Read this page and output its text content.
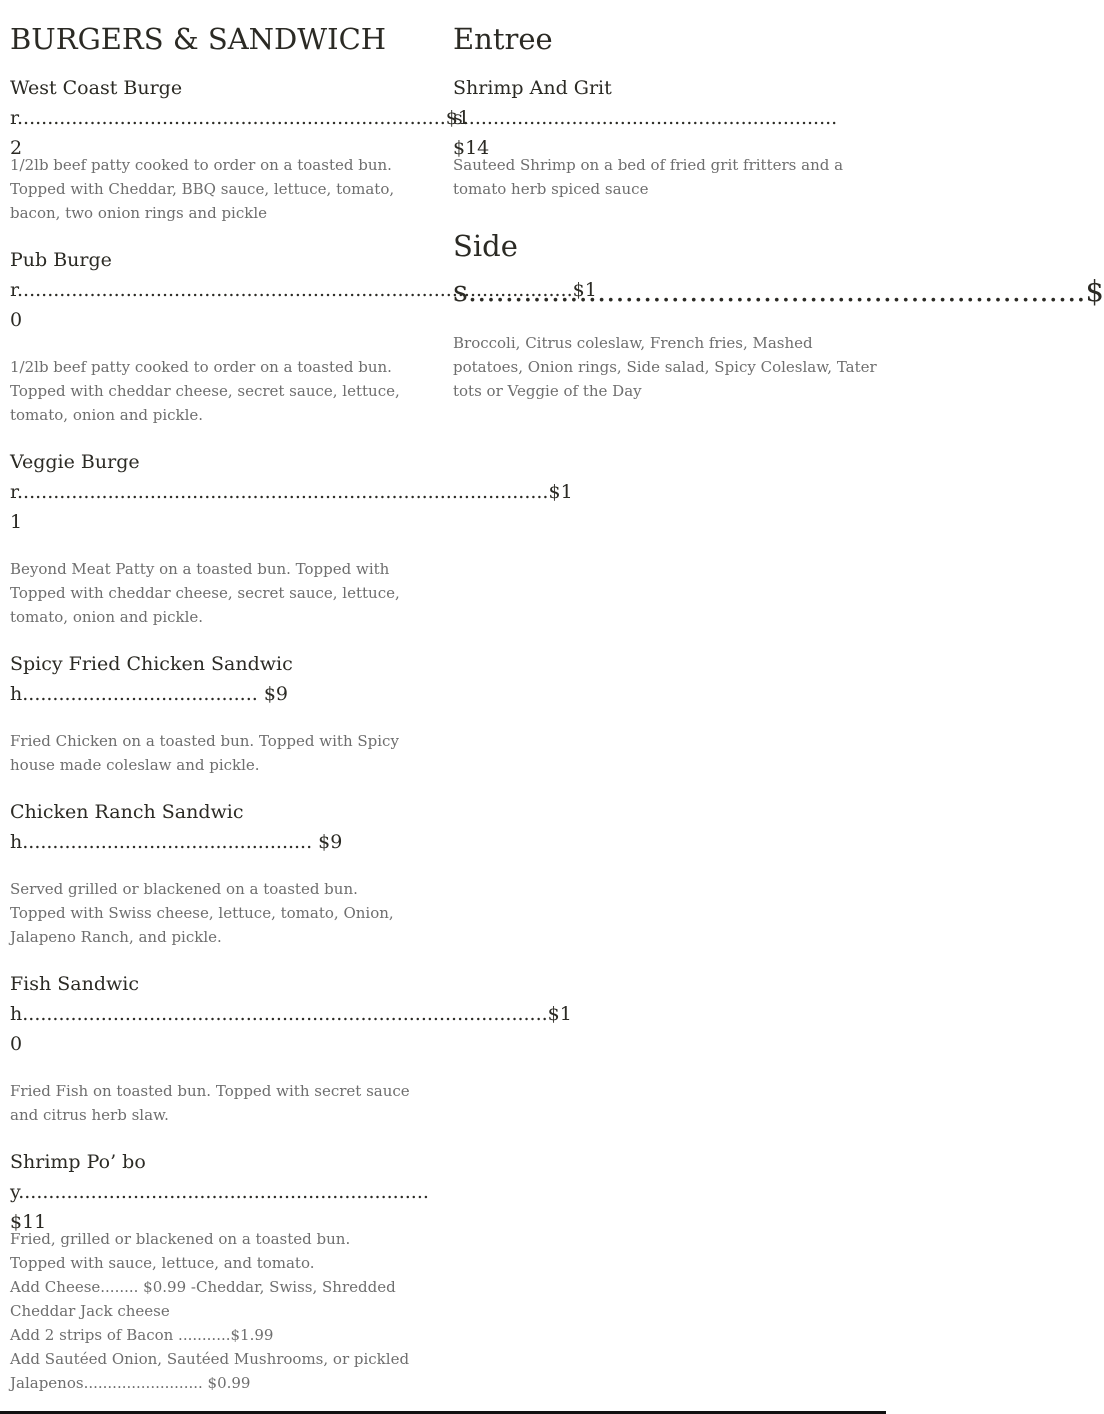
BURGERS & SANDWICH
West Coast Burger.......................................................................$12

1/2lb beef patty cooked to order on a toasted bun. Topped with Cheddar, BBQ sauce, lettuce, tomato, bacon, two onion rings and pickle

Pub Burger............................................................................................$10

1/2lb beef patty cooked to order on a toasted bun. Topped with cheddar cheese, secret sauce, lettuce, tomato, onion and pickle.

Veggie Burger........................................................................................$11

Beyond Meat Patty on a toasted bun. Topped with Topped with cheddar cheese, secret sauce, lettuce, tomato, onion and pickle.

Spicy Fried Chicken Sandwich....................................... $9

Fried Chicken on a toasted bun. Topped with Spicy house made coleslaw and pickle.

Chicken Ranch Sandwich................................................ $9

Served grilled or blackened on a toasted bun. Topped with Swiss cheese, lettuce, tomato, Onion, Jalapeno Ranch, and pickle.

Fish Sandwich.......................................................................................$10

Fried Fish on toasted bun. Topped with secret sauce and citrus herb slaw.

Shrimp Po’ boy.................................................................... $11

Fried, grilled or blackened on a toasted bun. Topped with sauce, lettuce, and tomato.

Add Cheese........ $0.99 -Cheddar, Swiss, Shredded Cheddar Jack cheese

Add 2 strips of Bacon ...........$1.99

Add Sautéed Onion, Sautéed Mushrooms, or pickled Jalapenos......................... $0.99

Entree
Shrimp And Grits.............................................................. $14

Sauteed Shrimp on a bed of fried grit fritters and a tomato herb spiced sauce

Sides...................................................................$

Broccoli, Citrus coleslaw, French fries, Mashed potatoes, Onion rings, Side salad, Spicy Coleslaw, Tater tots or Veggie of the Day
